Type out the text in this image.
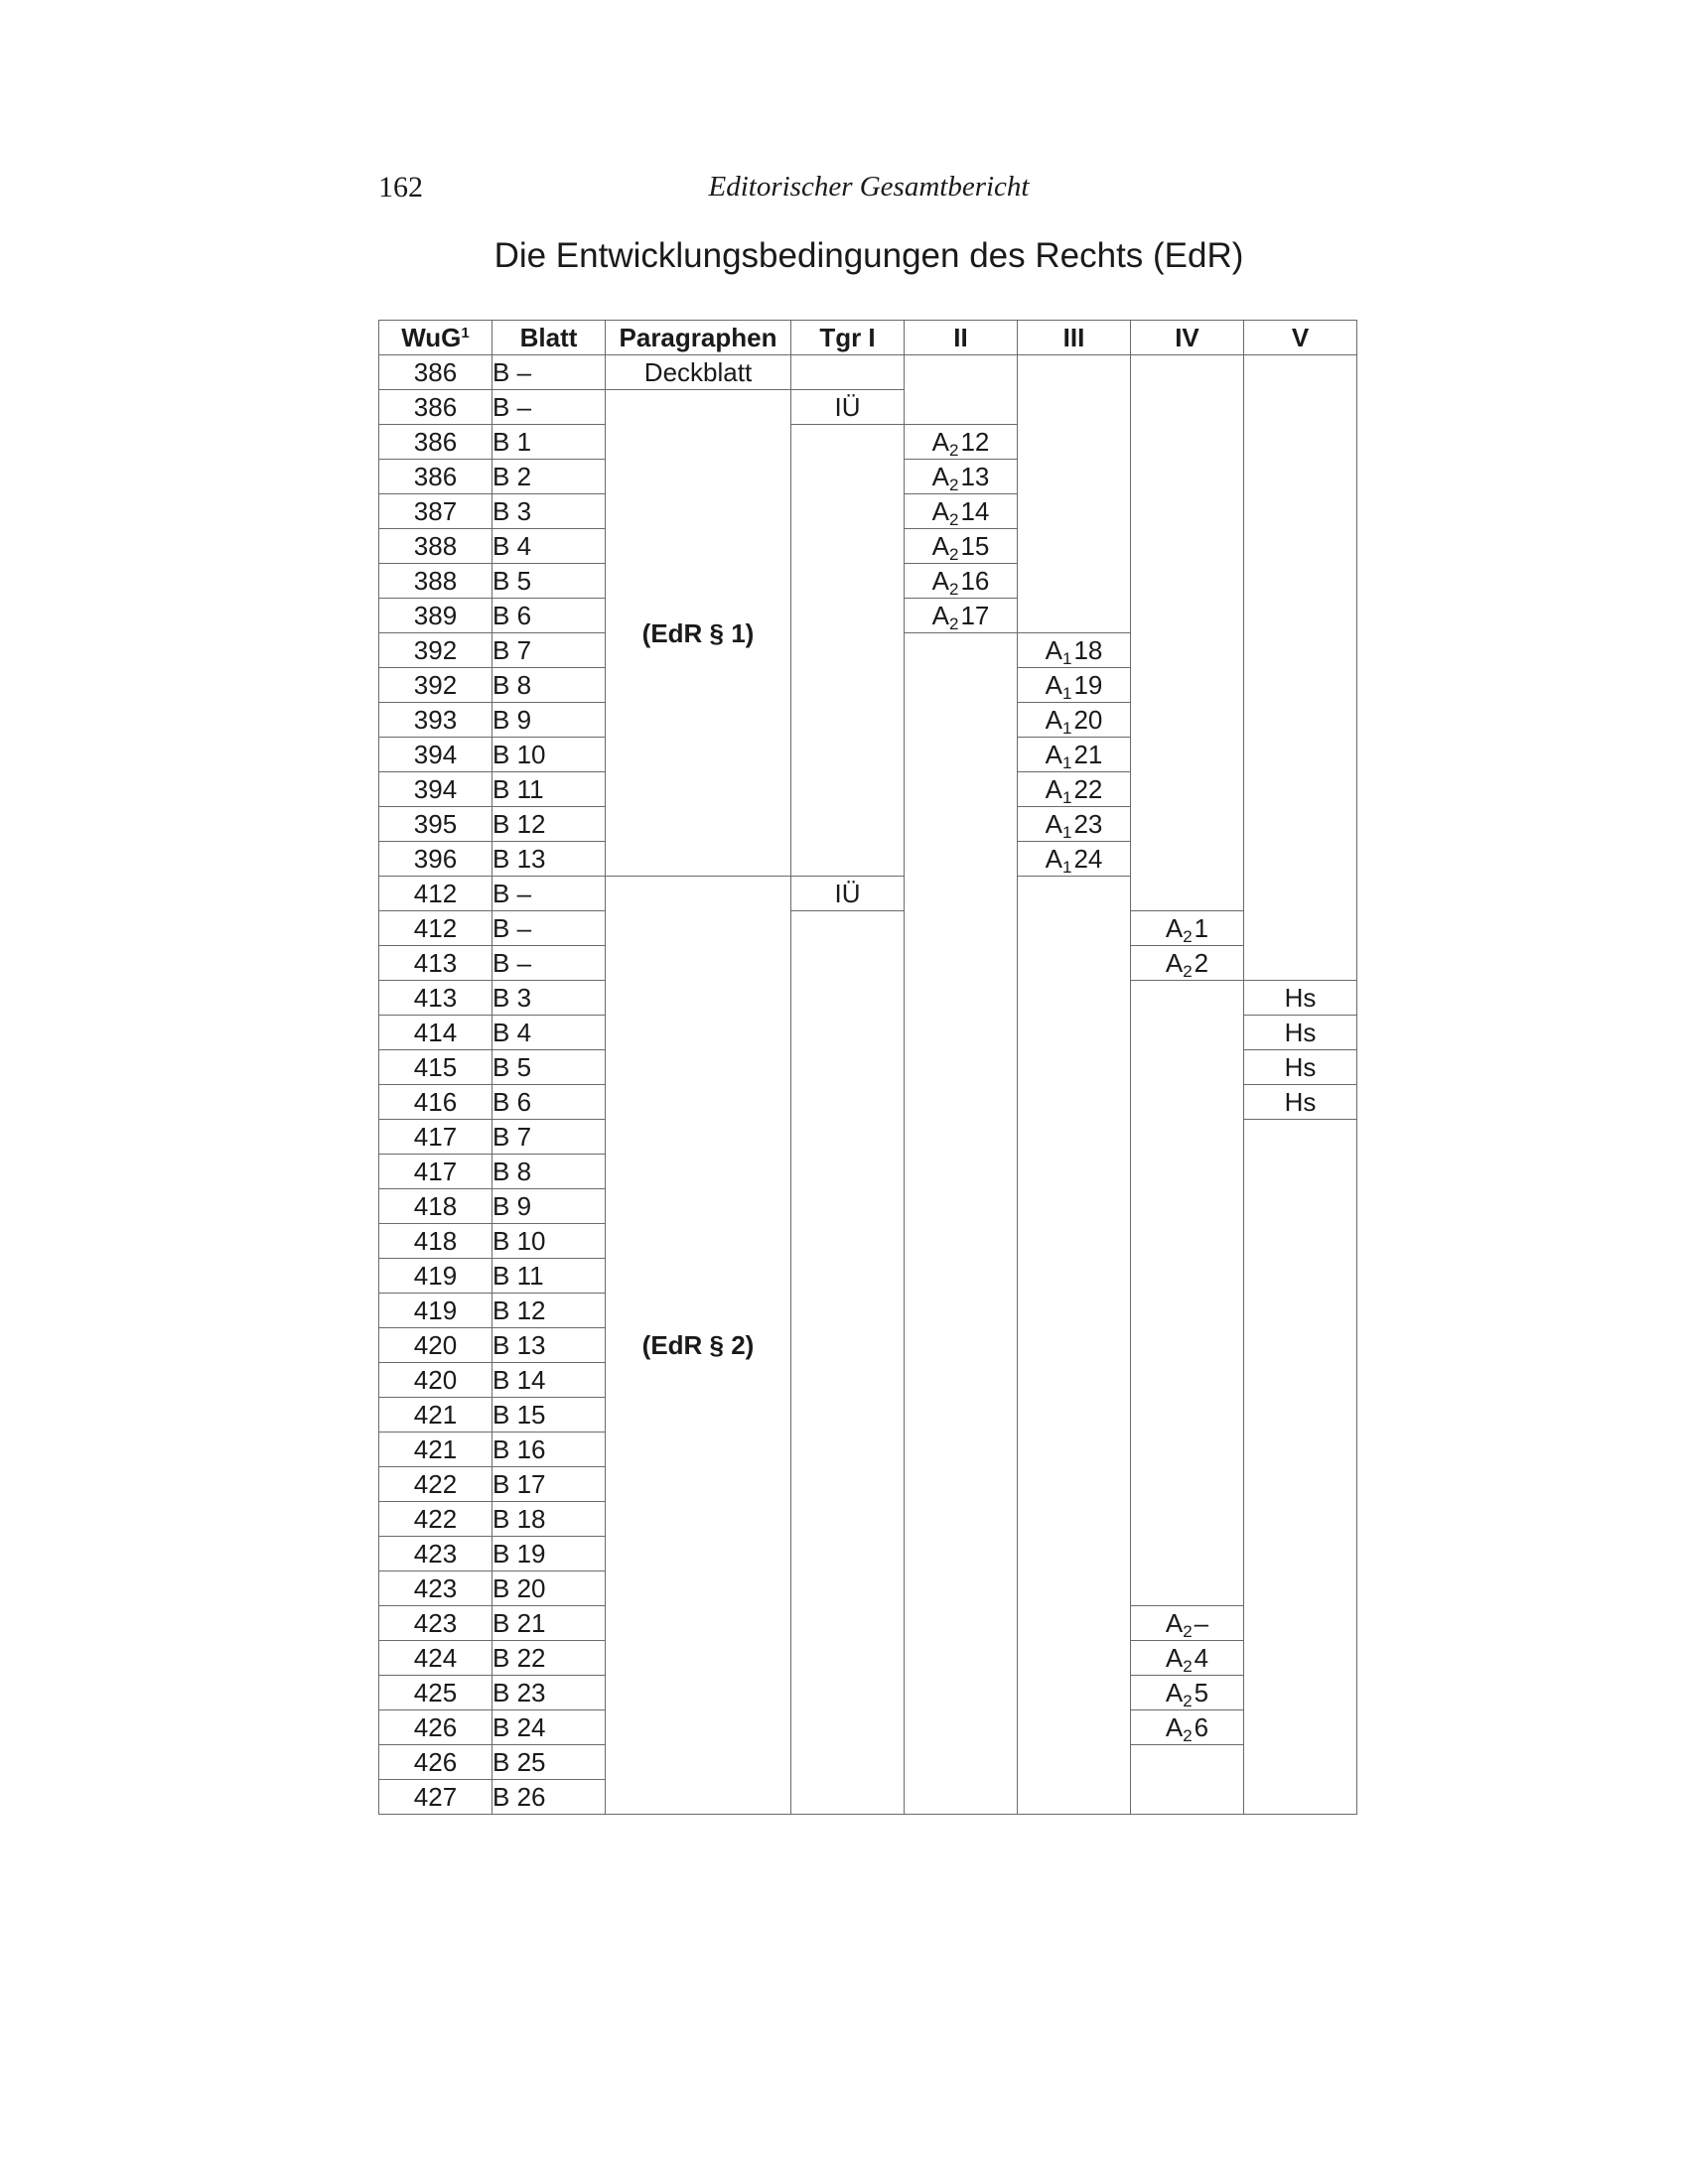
162	Editorischer Gesamtbericht
Die Entwicklungsbedingungen des Rechts (EdR)
WuG$^1$	Blatt	Paragraphen	Tgr I	II	III	IV	V
386	B –	Deckblatt					
386	B –	(EdR § 1)	IÜ				
386	B 1			$A_212$			
386	B 2			$A_213$			
387	B 3			$A_214$			
388	B 4			$A_215$			
388	B 5			$A_216$			
389	B 6			$A_217$			
392	B 7				$A_118$		
392	B 8				$A_119$		
393	B 9				$A_120$		
394	B 10				$A_121$		
394	B 11				$A_122$		
395	B 12				$A_123$		
396	B 13				$A_124$		
412	B –	(EdR § 2)	IÜ				
412	B –					$A_21$	
413	B –					$A_22$	
413	B 3						Hs
414	B 4						Hs
415	B 5						Hs
416	B 6						Hs
417	B 7						
417	B 8						
418	B 9						
418	B 10						
419	B 11						
419	B 12						
420	B 13						
420	B 14						
421	B 15						
421	B 16						
422	B 17						
422	B 18						
423	B 19						
423	B 20						
423	B 21					$A_2-$	
424	B 22					$A_24$	
425	B 23					$A_25$	
426	B 24					$A_26$	
426	B 25						
427	B 26						
